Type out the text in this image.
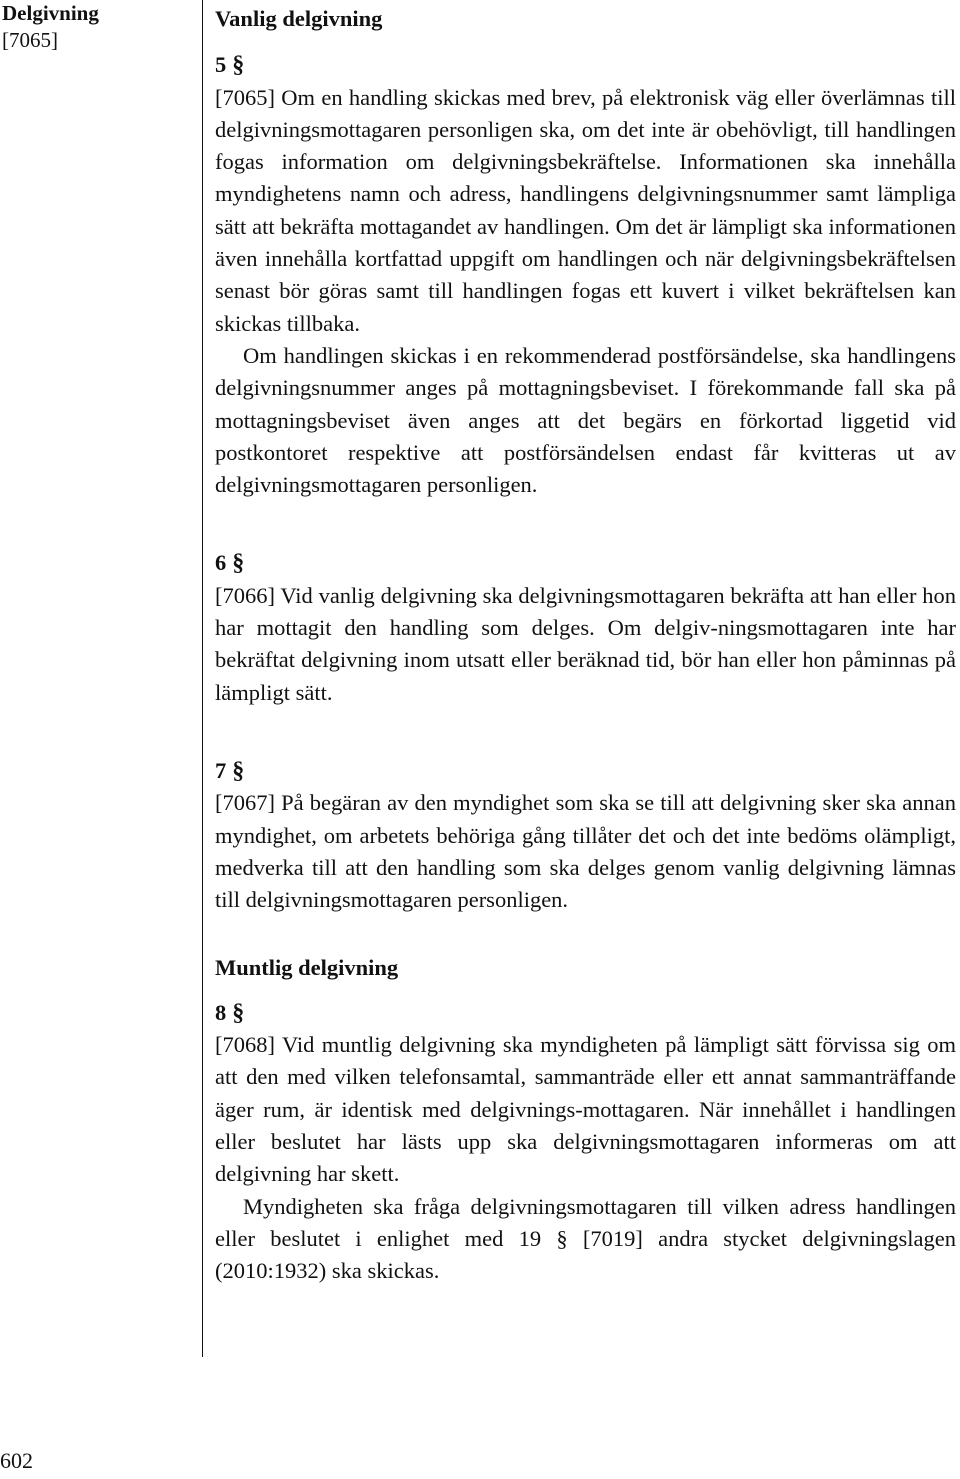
Delgivning
[7065]
Vanlig delgivning
5 §

[7065] Om en handling skickas med brev, på elektronisk väg eller överlämnas till delgivningsmottagaren personligen ska, om det inte är obehövligt, till handlingen fogas information om delgivningsbekräftelse. Informationen ska innehålla myndighetens namn och adress, handlingens delgivningsnummer samt lämpliga sätt att bekräfta mottagandet av handlingen. Om det är lämpligt ska informationen även innehålla kortfattad uppgift om handlingen och när delgivningsbekräftelsen senast bör göras samt till handlingen fogas ett kuvert i vilket bekräftelsen kan skickas tillbaka.

Om handlingen skickas i en rekommenderad postförsändelse, ska handlingens delgivningsnummer anges på mottagningsbeviset. I förekommande fall ska på mottagningsbeviset även anges att det begärs en förkortad liggetid vid postkontoret respektive att postförsändelsen endast får kvitteras ut av delgivningsmottagaren personligen.

6 §

[7066] Vid vanlig delgivning ska delgivningsmottagaren bekräfta att han eller hon har mottagit den handling som delges. Om delgiv-ningsmottagaren inte har bekräftat delgivning inom utsatt eller beräknad tid, bör han eller hon påminnas på lämpligt sätt.

7 §

[7067] På begäran av den myndighet som ska se till att delgivning sker ska annan myndighet, om arbetets behöriga gång tillåter det och det inte bedöms olämpligt, medverka till att den handling som ska delges genom vanlig delgivning lämnas till delgivningsmottagaren personligen.

Muntlig delgivning
8 §

[7068] Vid muntlig delgivning ska myndigheten på lämpligt sätt förvissa sig om att den med vilken telefonsamtal, sammanträde eller ett annat sammanträffande äger rum, är identisk med delgivnings-mottagaren. När innehållet i handlingen eller beslutet har lästs upp ska delgivningsmottagaren informeras om att delgivning har skett.

Myndigheten ska fråga delgivningsmottagaren till vilken adress handlingen eller beslutet i enlighet med 19 § [7019] andra stycket delgivningslagen (2010:1932) ska skickas.

602
